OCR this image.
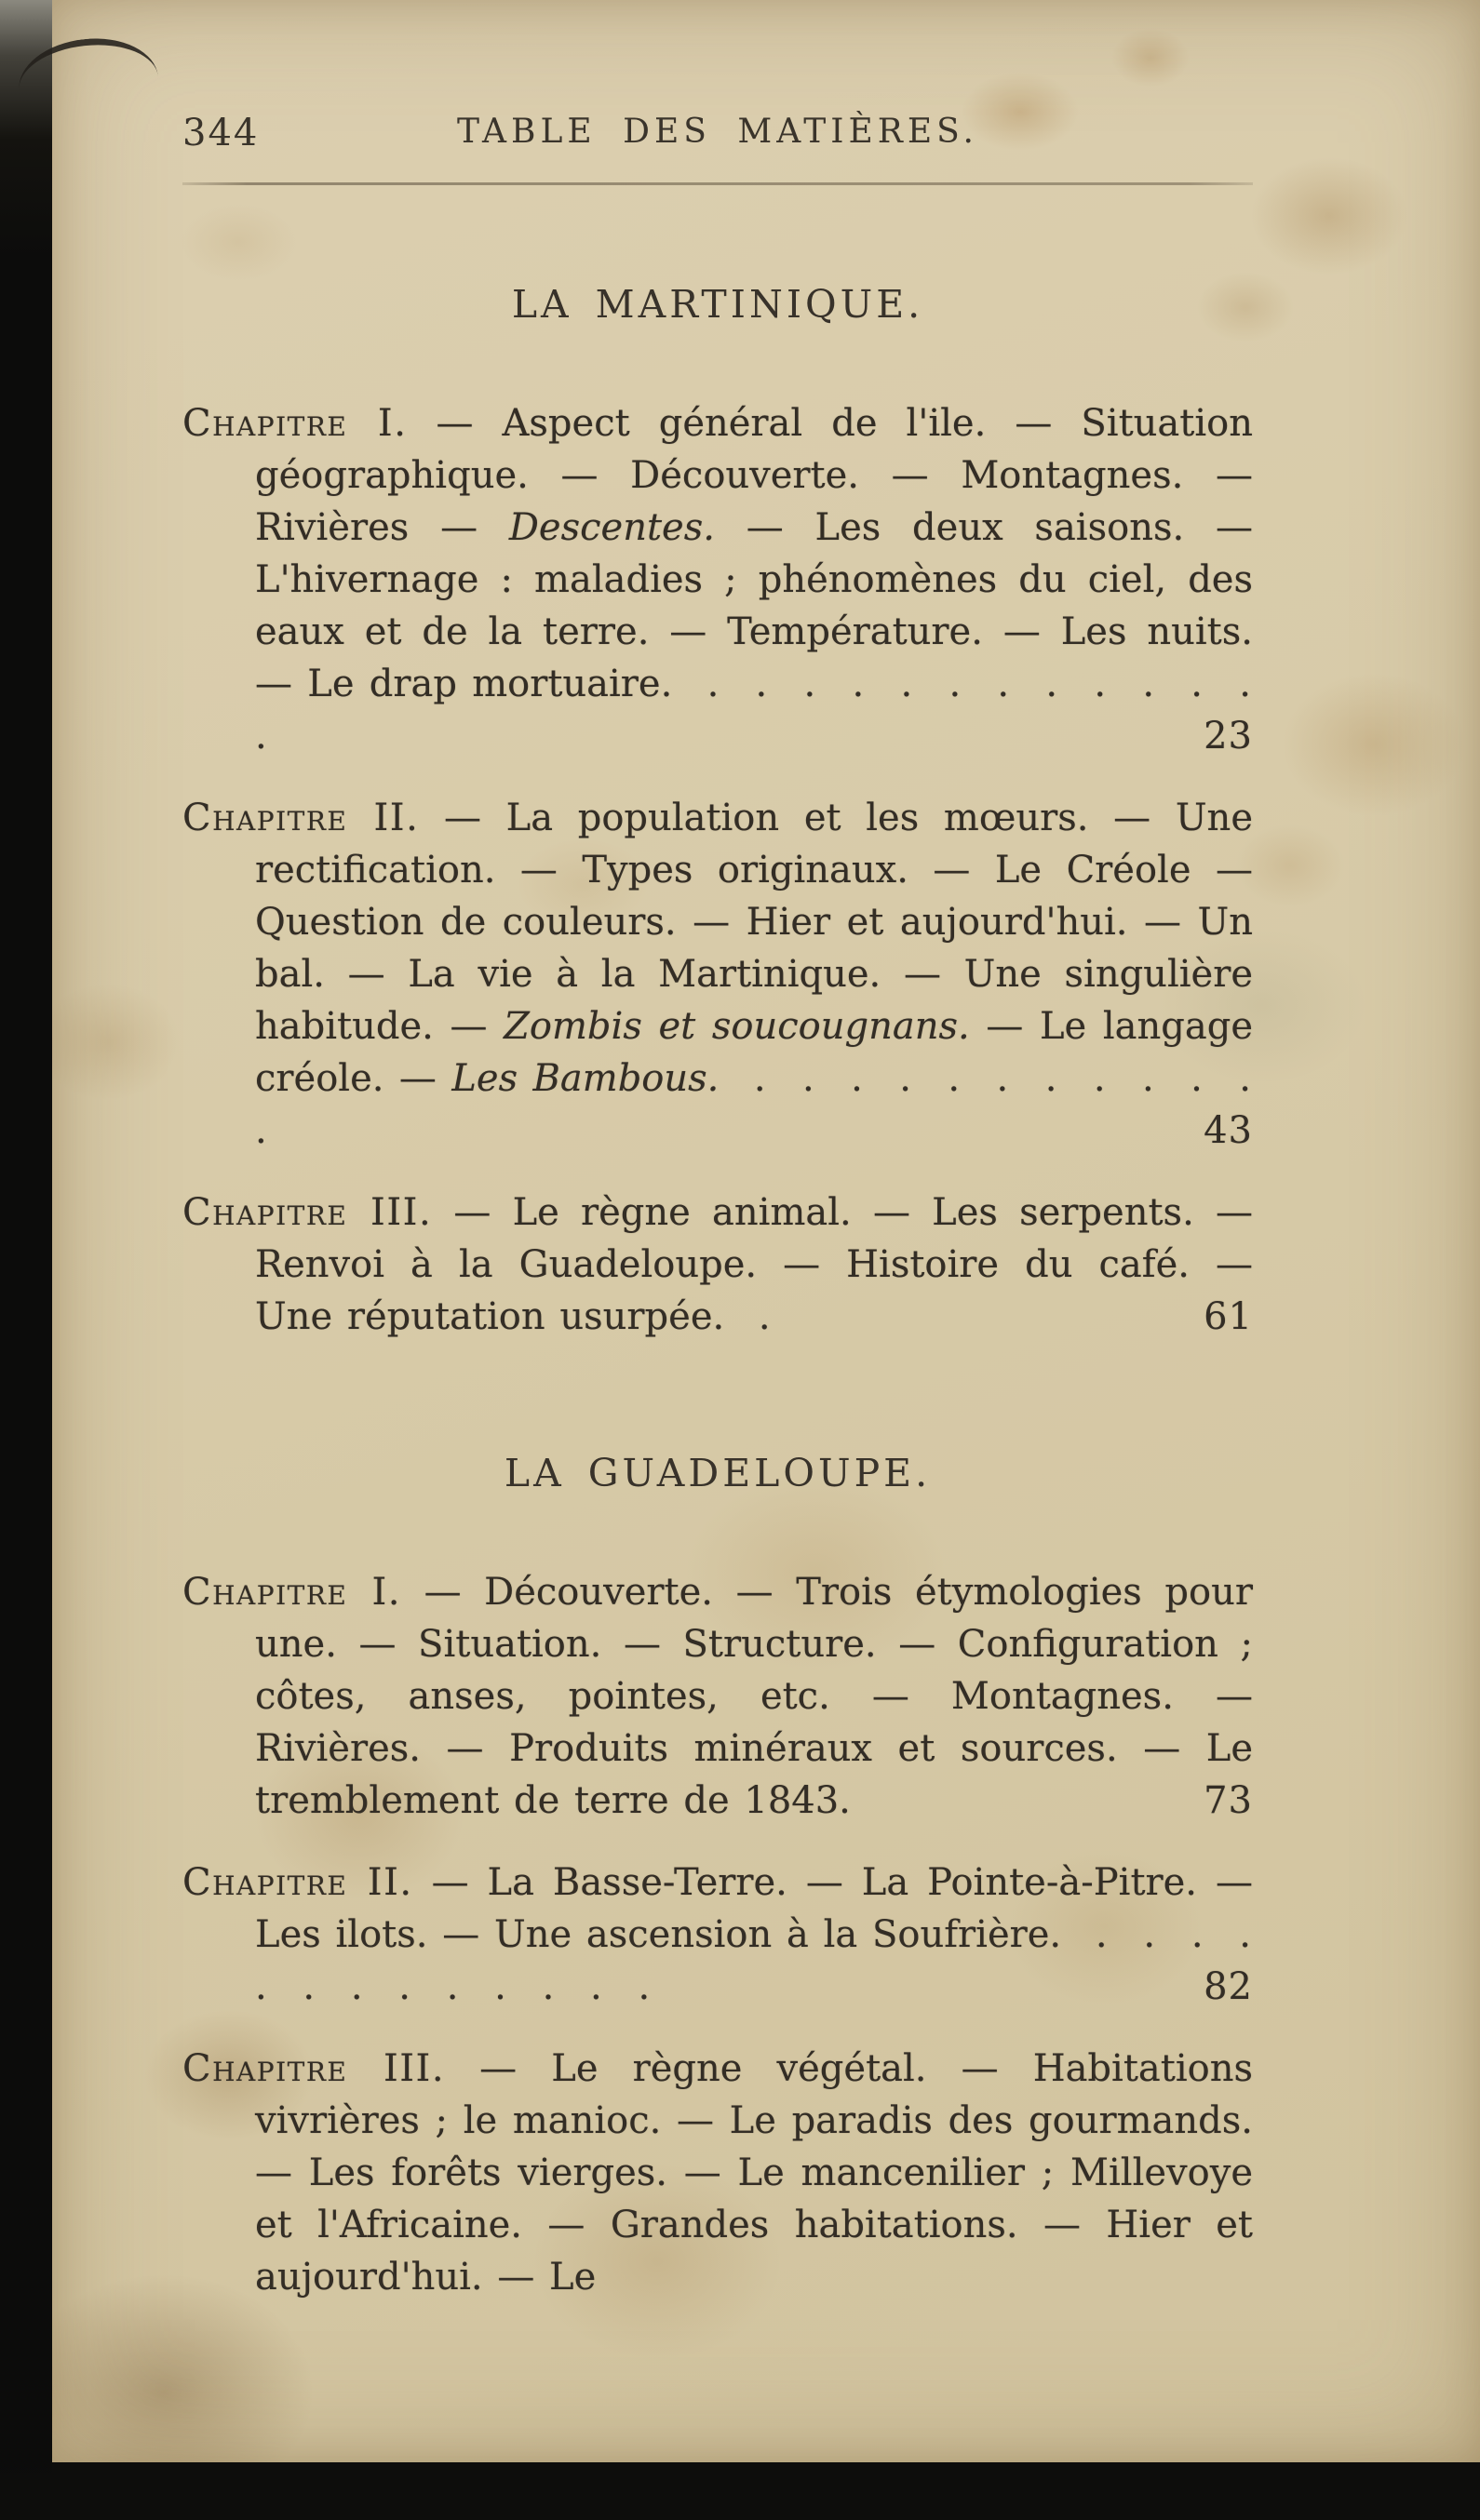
344	TABLE DES MATIÈRES.
LA MARTINIQUE.

Chapitre I. — Aspect général de l'ile. — Situation géographique. — Découverte. — Montagnes. — Rivières — Descentes. — Les deux saisons. — L'hivernage : maladies ; phénomènes du ciel, des eaux et de la terre. — Température. — Les nuits. — Le drap mortuaire. . . . . . . . . . . . . .	23

Chapitre II. — La population et les mœurs. — Une rectification. — Types originaux. — Le Créole — Question de couleurs. — Hier et aujourd'hui. — Un bal. — La vie à la Martinique. — Une singulière habitude. — Zombis et soucougnans. — Le langage créole. — Les Bambous. . . . . . . . . . . . .	43

Chapitre III. — Le règne animal. — Les serpents. — Renvoi à la Guadeloupe. — Histoire du café. — Une réputation usurpée. .	61

LA GUADELOUPE.

Chapitre I. — Découverte. — Trois étymologies pour une. — Situation. — Structure. — Configuration ; côtes, anses, pointes, etc. — Montagnes. — Rivières. — Produits minéraux et sources. — Le tremblement de terre de 1843.	73

Chapitre II. — La Basse-Terre. — La Pointe-à-Pitre. — Les ilots. — Une ascension à la Soufrière. . . . . . . . . . . . . .	82

Chapitre III. — Le règne végétal. — Habitations vivrières ; le manioc. — Le paradis des gourmands. — Les forêts vierges. — Le mancenilier ; Millevoye et l'Africaine. — Grandes habitations. — Hier et aujourd'hui. — Le
